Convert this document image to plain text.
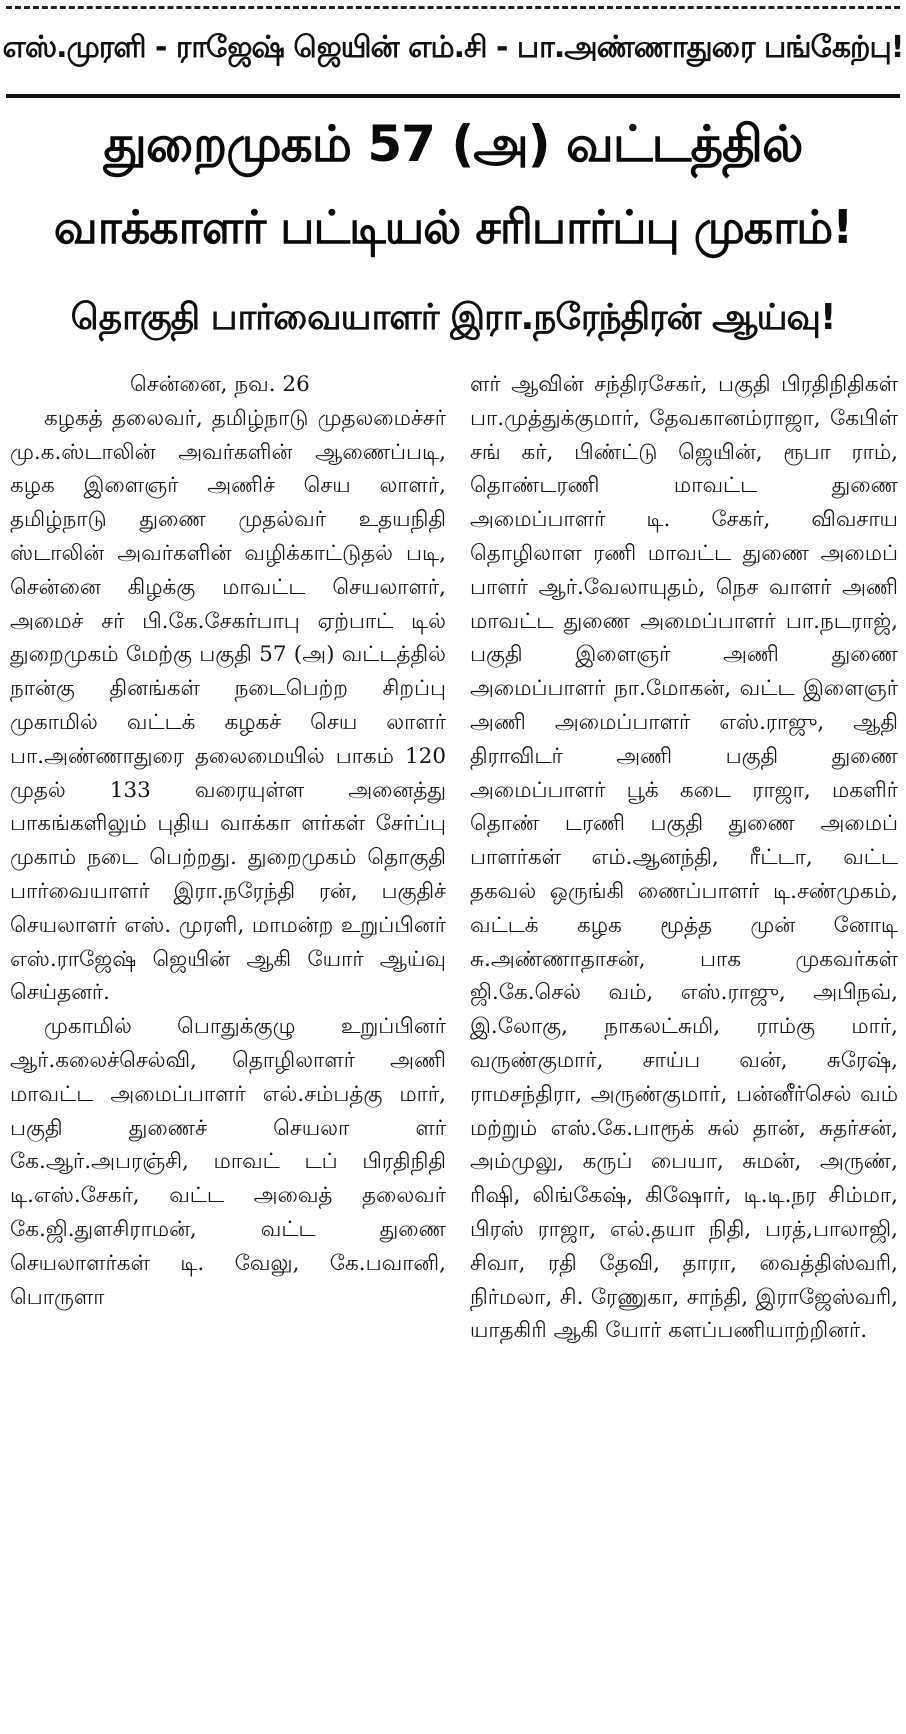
எஸ்.முரளி - ராஜேஷ் ஜெயின் எம்.சி - பா.அண்ணாதுரை பங்கேற்பு!
துறைமுகம் 57 (அ) வட்டத்தில்
வாக்காளர் பட்டியல் சரிபார்ப்பு முகாம்!
தொகுதி பார்வையாளர் இரா.நரேந்திரன் ஆய்வு!
சென்னை, நவ. 26

கழகத் தலைவர், தமிழ்நாடு முதலமைச்சர் மு.க.ஸ்டாலின் அவர்களின் ஆணைப்படி, கழக இளைஞர் அணிச் செய லாளர், தமிழ்நாடு துணை முதல்வர் உதயநிதி ஸ்டாலின் அவர்களின் வழிக்காட்டுதல் படி, சென்னை கிழக்கு மாவட்ட செயலாளர், அமைச் சர் பி.கே.சேகர்பாபு ஏற்பாட் டில் துறைமுகம் மேற்கு பகுதி 57 (அ) வட்டத்தில் நான்கு தினங்கள் நடைபெற்ற சிறப்பு முகாமில் வட்டக் கழகச் செய லாளர் பா.அண்ணாதுரை தலைமையில் பாகம் 120 முதல் 133 வரையுள்ள அனைத்து பாகங்களிலும் புதிய வாக்கா ளர்கள் சேர்ப்பு முகாம் நடை பெற்றது. துறைமுகம் தொகுதி பார்வையாளர் இரா.நரேந்தி ரன், பகுதிச் செயலாளர் எஸ். முரளி, மாமன்ற உறுப்பினர் எஸ்.ராஜேஷ் ஜெயின் ஆகி யோர் ஆய்வு செய்தனர்.

முகாமில் பொதுக்குழு உறுப்பினர் ஆர்.கலைச்செல்வி, தொழிலாளர் அணி மாவட்ட அமைப்பாளர் எல்.சம்பத்கு மார், பகுதி துணைச் செயலா ளர் கே.ஆர்.அபரஞ்சி, மாவட் டப் பிரதிநிதி டி.எஸ்.சேகர், வட்ட அவைத் தலைவர் கே.ஜி.துளசிராமன், வட்ட துணை செயலாளர்கள் டி. வேலு, கே.பவானி, பொருளா

ளர் ஆவின் சந்திரசேகர், பகுதி பிரதிநிதிகள் பா.முத்துக்குமார், தேவகானம்ராஜா, கேபிள் சங் கர், பிண்ட்டு ஜெயின், ரூபா ராம், தொண்டரணி மாவட்ட துணை அமைப்பாளர் டி. சேகர், விவசாய தொழிலாள ரணி மாவட்ட துணை அமைப் பாளர் ஆர்.வேலாயுதம், நெச வாளர் அணி மாவட்ட துணை அமைப்பாளர் பா.நடராஜ், பகுதி இளைஞர் அணி துணை அமைப்பாளர் நா.மோகன், வட்ட இளைஞர் அணி அமைப்பாளர் எஸ்.ராஜு, ஆதி திராவிடர் அணி பகுதி துணை அமைப்பாளர் பூக் கடை ராஜா, மகளிர் தொண் டரணி பகுதி துணை அமைப் பாளர்கள் எம்.ஆனந்தி, ரீட்டா, வட்ட தகவல் ஒருங்கி ணைப்பாளர் டி.சண்முகம், வட்டக் கழக மூத்த முன் னோடி சு.அண்ணாதாசன், பாக முகவர்கள் ஜி.கே.செல் வம், எஸ்.ராஜு, அபிநவ், இ.லோகு, நாகலட்சுமி, ராம்கு மார், வருண்குமார், சாய்ப வன், சுரேஷ், ராமசந்திரா, அருண்குமார், பன்னீர்செல் வம் மற்றும் எஸ்.கே.பாரூக் சுல் தான், சுதர்சன், அம்முலு, கருப் பையா, சுமன், அருண், ரிஷி, லிங்கேஷ், கிஷோர், டி.டி.நர சிம்மா, பிரஸ் ராஜா, எல்.தயா நிதி, பரத்,பாலாஜி, சிவா, ரதி தேவி, தாரா, வைத்திஸ்வரி, நிர்மலா, சி. ரேணுகா, சாந்தி, இராஜேஸ்வரி, யாதகிரி ஆகி யோர் களப்பணியாற்றினர்.
